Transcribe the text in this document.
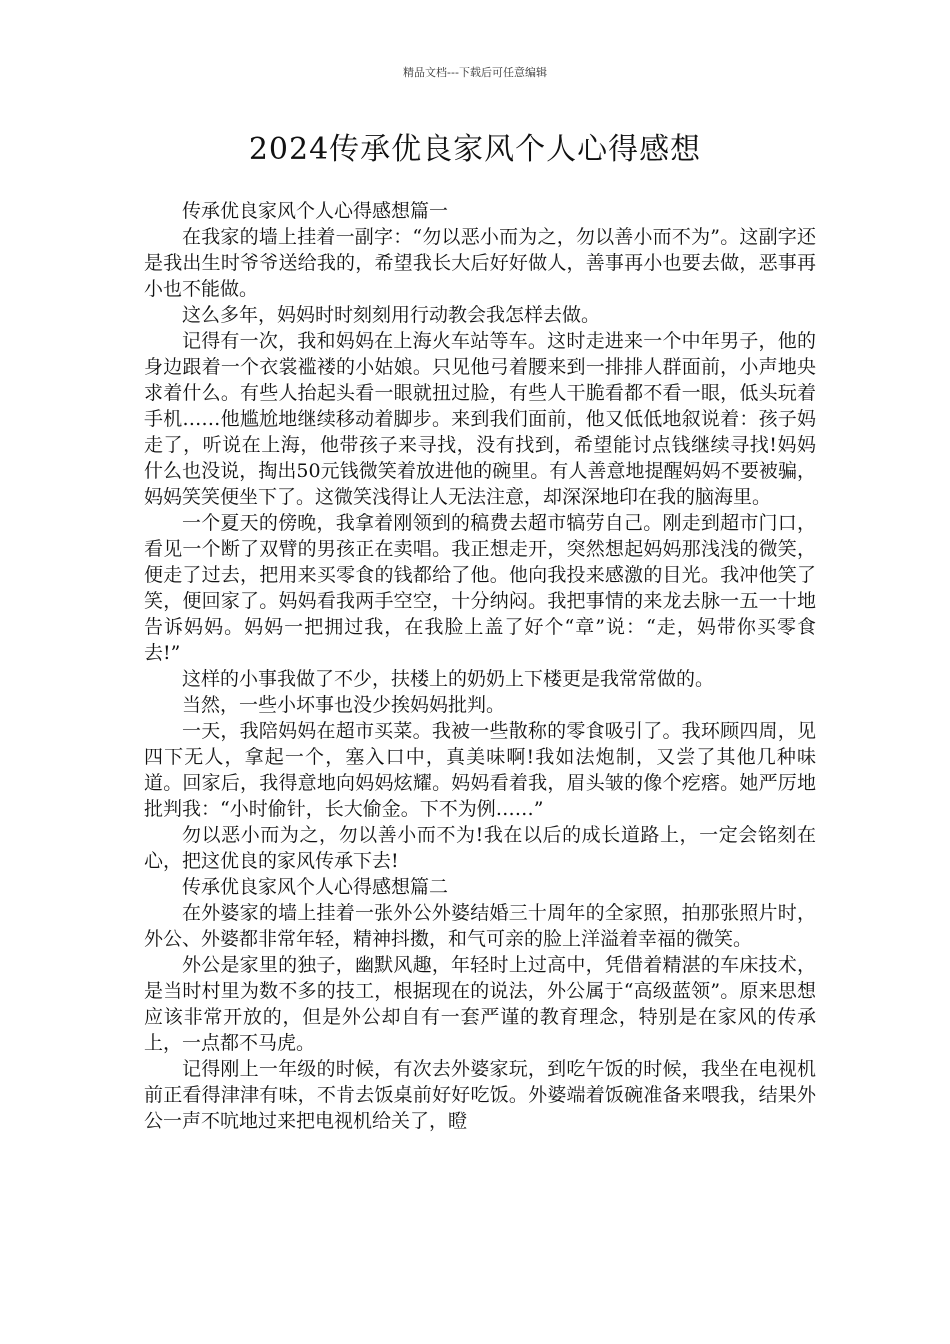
精品文档---下载后可任意编辑
2024传承优良家风个人心得感想

传承优良家风个人心得感想篇一

在我家的墙上挂着一副字：“勿以恶小而为之，勿以善小而不为”。这副字还是我出生时爷爷送给我的，希望我长大后好好做人，善事再小也要去做，恶事再小也不能做。

这么多年，妈妈时时刻刻用行动教会我怎样去做。

记得有一次，我和妈妈在上海火车站等车。这时走进来一个中年男子，他的身边跟着一个衣裳褴褛的小姑娘。只见他弓着腰来到一排排人群面前，小声地央求着什么。有些人抬起头看一眼就扭过脸，有些人干脆看都不看一眼，低头玩着手机……他尴尬地继续移动着脚步。来到我们面前，他又低低地叙说着：孩子妈走了，听说在上海，他带孩子来寻找，没有找到，希望能讨点钱继续寻找!妈妈什么也没说，掏出50元钱微笑着放进他的碗里。有人善意地提醒妈妈不要被骗，妈妈笑笑便坐下了。这微笑浅得让人无法注意，却深深地印在我的脑海里。

一个夏天的傍晚，我拿着刚领到的稿费去超市犒劳自己。刚走到超市门口，看见一个断了双臂的男孩正在卖唱。我正想走开，突然想起妈妈那浅浅的微笑，便走了过去，把用来买零食的钱都给了他。他向我投来感激的目光。我冲他笑了笑，便回家了。妈妈看我两手空空，十分纳闷。我把事情的来龙去脉一五一十地告诉妈妈。妈妈一把拥过我，在我脸上盖了好个“章”说：“走，妈带你买零食去!”

这样的小事我做了不少，扶楼上的奶奶上下楼更是我常常做的。

当然，一些小坏事也没少挨妈妈批判。

一天，我陪妈妈在超市买菜。我被一些散称的零食吸引了。我环顾四周，见四下无人，拿起一个，塞入口中，真美味啊!我如法炮制，又尝了其他几种味道。回家后，我得意地向妈妈炫耀。妈妈看着我，眉头皱的像个疙瘩。她严厉地批判我：“小时偷针，长大偷金。下不为例……”

勿以恶小而为之，勿以善小而不为!我在以后的成长道路上，一定会铭刻在心，把这优良的家风传承下去!

传承优良家风个人心得感想篇二

在外婆家的墙上挂着一张外公外婆结婚三十周年的全家照，拍那张照片时，外公、外婆都非常年轻，精神抖擞，和气可亲的脸上洋溢着幸福的微笑。

外公是家里的独子，幽默风趣，年轻时上过高中，凭借着精湛的车床技术，是当时村里为数不多的技工，根据现在的说法，外公属于“高级蓝领”。原来思想应该非常开放的，但是外公却自有一套严谨的教育理念，特别是在家风的传承上，一点都不马虎。

记得刚上一年级的时候，有次去外婆家玩，到吃午饭的时候，我坐在电视机前正看得津津有味，不肯去饭桌前好好吃饭。外婆端着饭碗准备来喂我，结果外公一声不吭地过来把电视机给关了，瞪
